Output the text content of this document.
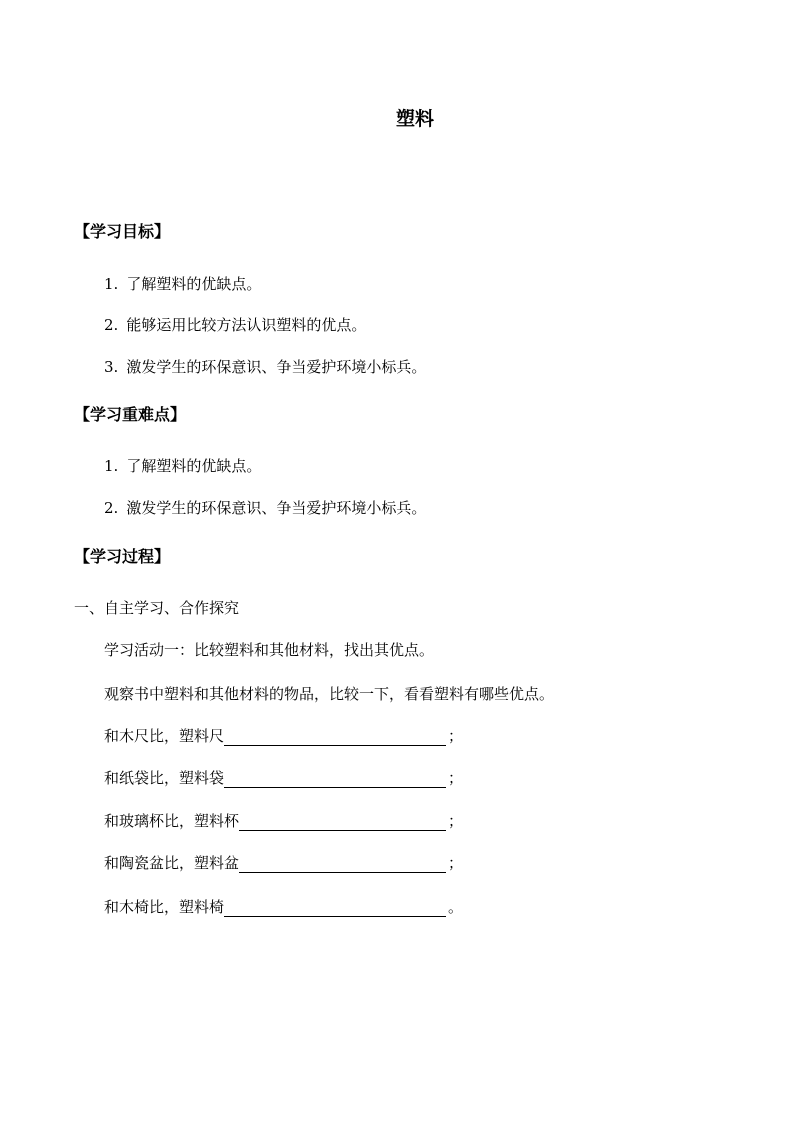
塑料
【学习目标】
1. 了解塑料的优缺点。
2. 能够运用比较方法认识塑料的优点。
3. 激发学生的环保意识、争当爱护环境小标兵。
【学习重难点】
1. 了解塑料的优缺点。
2. 激发学生的环保意识、争当爱护环境小标兵。
【学习过程】
一、自主学习、合作探究
学习活动一：比较塑料和其他材料，找出其优点。
观察书中塑料和其他材料的物品，比较一下，看看塑料有哪些优点。
和木尺比，塑料尺	；
和纸袋比，塑料袋	；
和玻璃杯比，塑料杯	；
和陶瓷盆比，塑料盆	；
和木椅比，塑料椅	。
